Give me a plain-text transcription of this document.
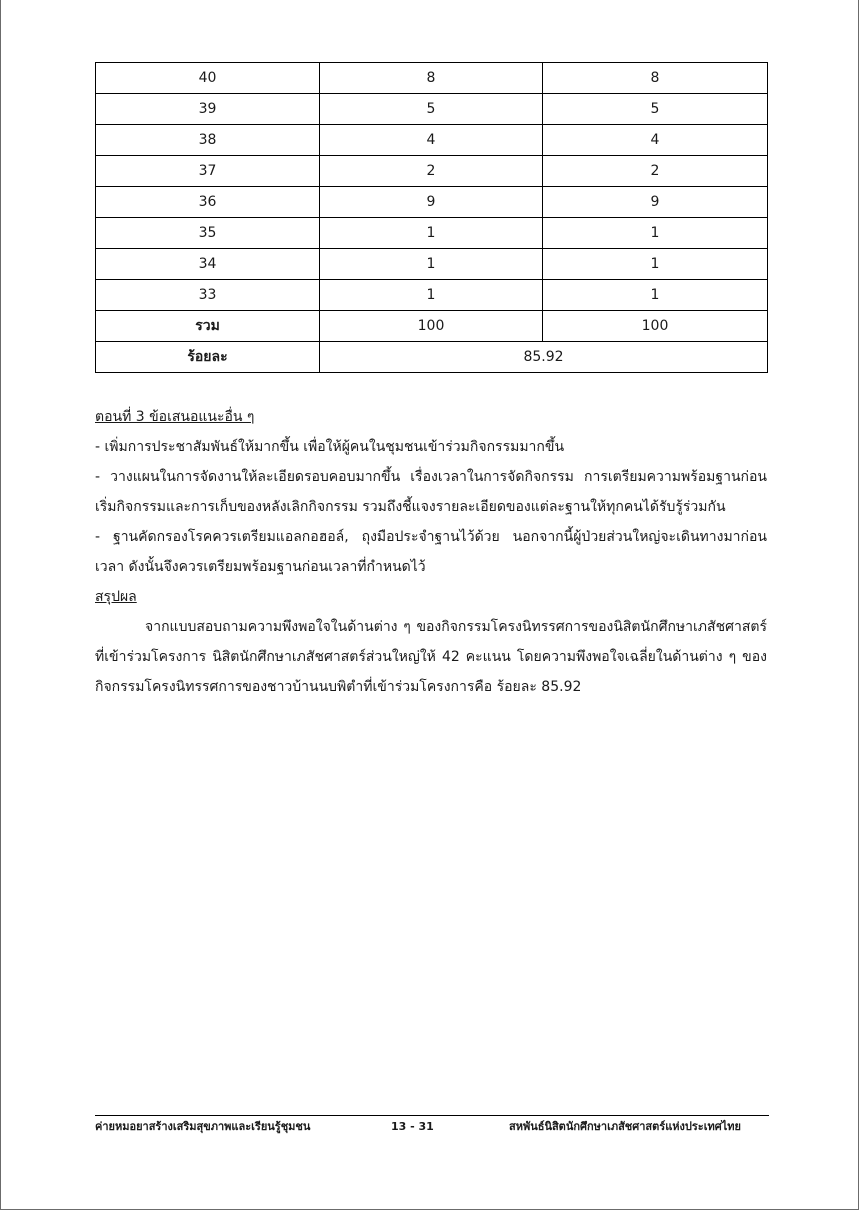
40	8	8
39	5	5
38	4	4
37	2	2
36	9	9
35	1	1
34	1	1
33	1	1
รวม	100	100
ร้อยละ	85.92	

ตอนที่ 3 ข้อเสนอแนะอื่น ๆ

- เพิ่มการประชาสัมพันธ์ให้มากขึ้น เพื่อให้ผู้คนในชุมชนเข้าร่วมกิจกรรมมากขึ้น

- วางแผนในการจัดงานให้ละเอียดรอบคอบมากขึ้น เรื่องเวลาในการจัดกิจกรรม การเตรียมความพร้อมฐานก่อนเริ่มกิจกรรมและการเก็บของหลังเลิกกิจกรรม รวมถึงชี้แจงรายละเอียดของแต่ละฐานให้ทุกคนได้รับรู้ร่วมกัน

- ฐานคัดกรองโรคควรเตรียมแอลกอฮอล์, ถุงมือประจำฐานไว้ด้วย นอกจากนี้ผู้ป่วยส่วนใหญ่จะเดินทางมาก่อนเวลา ดังนั้นจึงควรเตรียมพร้อมฐานก่อนเวลาที่กำหนดไว้

สรุปผล

จากแบบสอบถามความพึงพอใจในด้านต่าง ๆ ของกิจกรรมโครงนิทรรศการของนิสิตนักศึกษาเภสัชศาสตร์ที่เข้าร่วมโครงการ นิสิตนักศึกษาเภสัชศาสตร์ส่วนใหญ่ให้ 42 คะแนน โดยความพึงพอใจเฉลี่ยในด้านต่าง ๆ ของกิจกรรมโครงนิทรรศการของชาวบ้านนบพิตำที่เข้าร่วมโครงการคือ ร้อยละ 85.92

ค่ายหมอยาสร้างเสริมสุขภาพและเรียนรู้ชุมชน	13 - 31	สหพันธ์นิสิตนักศึกษาเภสัชศาสตร์แห่งประเทศไทย
